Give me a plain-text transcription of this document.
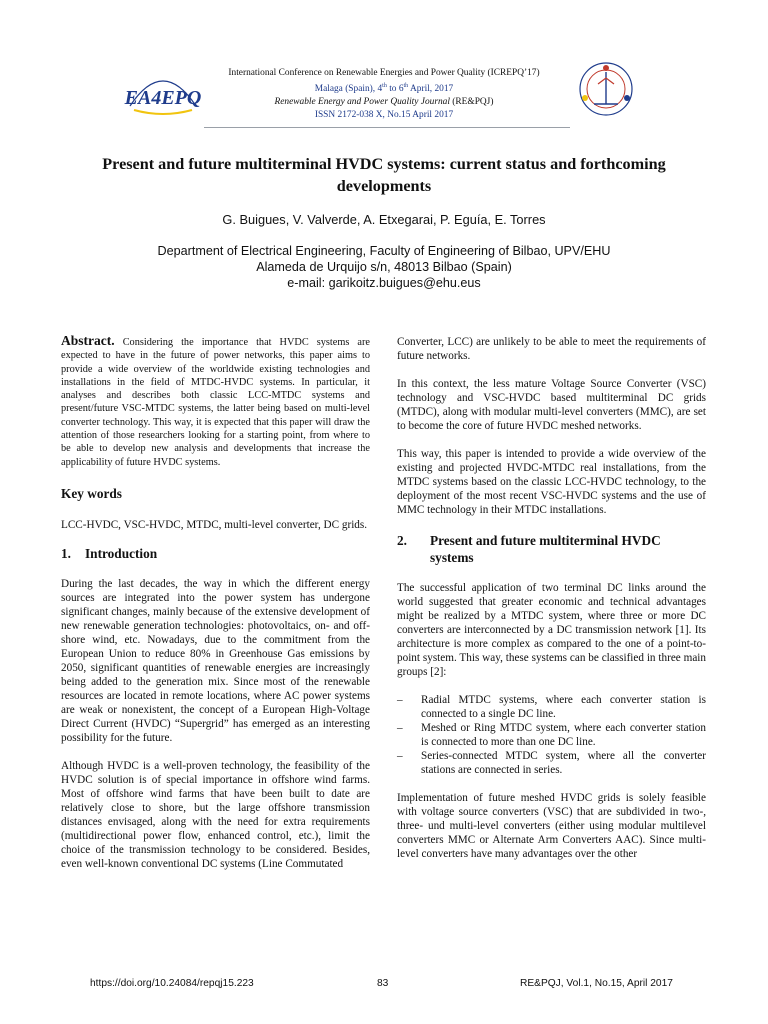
EA4EPQ
International Conference on Renewable Energies and Power Quality (ICREPQ’17)
Malaga (Spain), 4th to 6th April, 2017
Renewable Energy and Power Quality Journal (RE&PQJ)
ISSN 2172-038 X, No.15 April 2017
Present and future multiterminal HVDC systems: current status and forthcoming developments
G. Buigues, V. Valverde, A. Etxegarai, P. Eguía, E. Torres
Department of Electrical Engineering, Faculty of Engineering of Bilbao, UPV/EHU
Alameda de Urquijo s/n, 48013 Bilbao (Spain)
e-mail: garikoitz.buigues@ehu.eus

Abstract. Considering the importance that HVDC systems are expected to have in the future of power networks, this paper aims to provide a wide overview of the worldwide existing technologies and installations in the field of MTDC-HVDC systems. In particular, it analyses and describes both classic LCC-MTDC systems and present/future VSC-MTDC systems, the latter being based on multi-level converter technology. This way, it is expected that this paper will draw the attention of those researchers looking for a starting point, from where to be able to develop new analysis and developments that increase the applicability of future HVDC systems.

Key words

LCC-HVDC, VSC-HVDC, MTDC, multi-level converter, DC grids.

1. Introduction

During the last decades, the way in which the different energy sources are integrated into the power system has undergone significant changes, mainly because of the extensive development of new renewable generation technologies: photovoltaics, on- and off-shore wind, etc. Nowadays, due to the commitment from the European Union to reduce 80% in Greenhouse Gas emissions by 2050, significant quantities of renewable energies are increasingly being added to the generation mix. Since most of the renewable resources are located in remote locations, where AC power systems are weak or nonexistent, the concept of a European High-Voltage Direct Current (HVDC) “Supergrid” has emerged as an interesting possibility for the future.

Although HVDC is a well-proven technology, the feasibility of the HVDC solution is of special importance in offshore wind farms. Most of offshore wind farms that have been built to date are relatively close to shore, but the large offshore transmission distances envisaged, along with the need for extra requirements (multidirectional power flow, enhanced control, etc.), limit the choice of the transmission technology to be considered. Besides, even well-known conventional DC systems (Line Commutated

Converter, LCC) are unlikely to be able to meet the requirements of future networks.

In this context, the less mature Voltage Source Converter (VSC) technology and VSC-HVDC based multiterminal DC grids (MTDC), along with modular multi-level converters (MMC), are set to become the core of future HVDC meshed networks.

This way, this paper is intended to provide a wide overview of the existing and projected HVDC-MTDC real installations, from the MTDC systems based on the classic LCC-HVDC technology, to the deployment of the most recent VSC-HVDC systems and the use of MMC technology in their MTDC installations.

2. Present and future multiterminal HVDC
systems

The successful application of two terminal DC links around the world suggested that greater economic and technical advantages might be realized by a MTDC system, where three or more DC converters are interconnected by a DC transmission network [1]. Its architecture is more complex as compared to the one of a point-to-point system. This way, these systems can be classified in three main groups [2]:

– Radial MTDC systems, where each converter station is connected to a single DC line.
– Meshed or Ring MTDC system, where each converter station is connected to more than one DC line.
– Series-connected MTDC system, where all the converter stations are connected in series.

Implementation of future meshed HVDC grids is solely feasible with voltage source converters (VSC) that are subdivided in two-, three- und multi-level converters (either using modular multilevel converters MMC or Alternate Arm Converters AAC). Since multi-level converters have many advantages over the other

https://doi.org/10.24084/repqj15.223	83	RE&PQJ, Vol.1, No.15, April 2017
